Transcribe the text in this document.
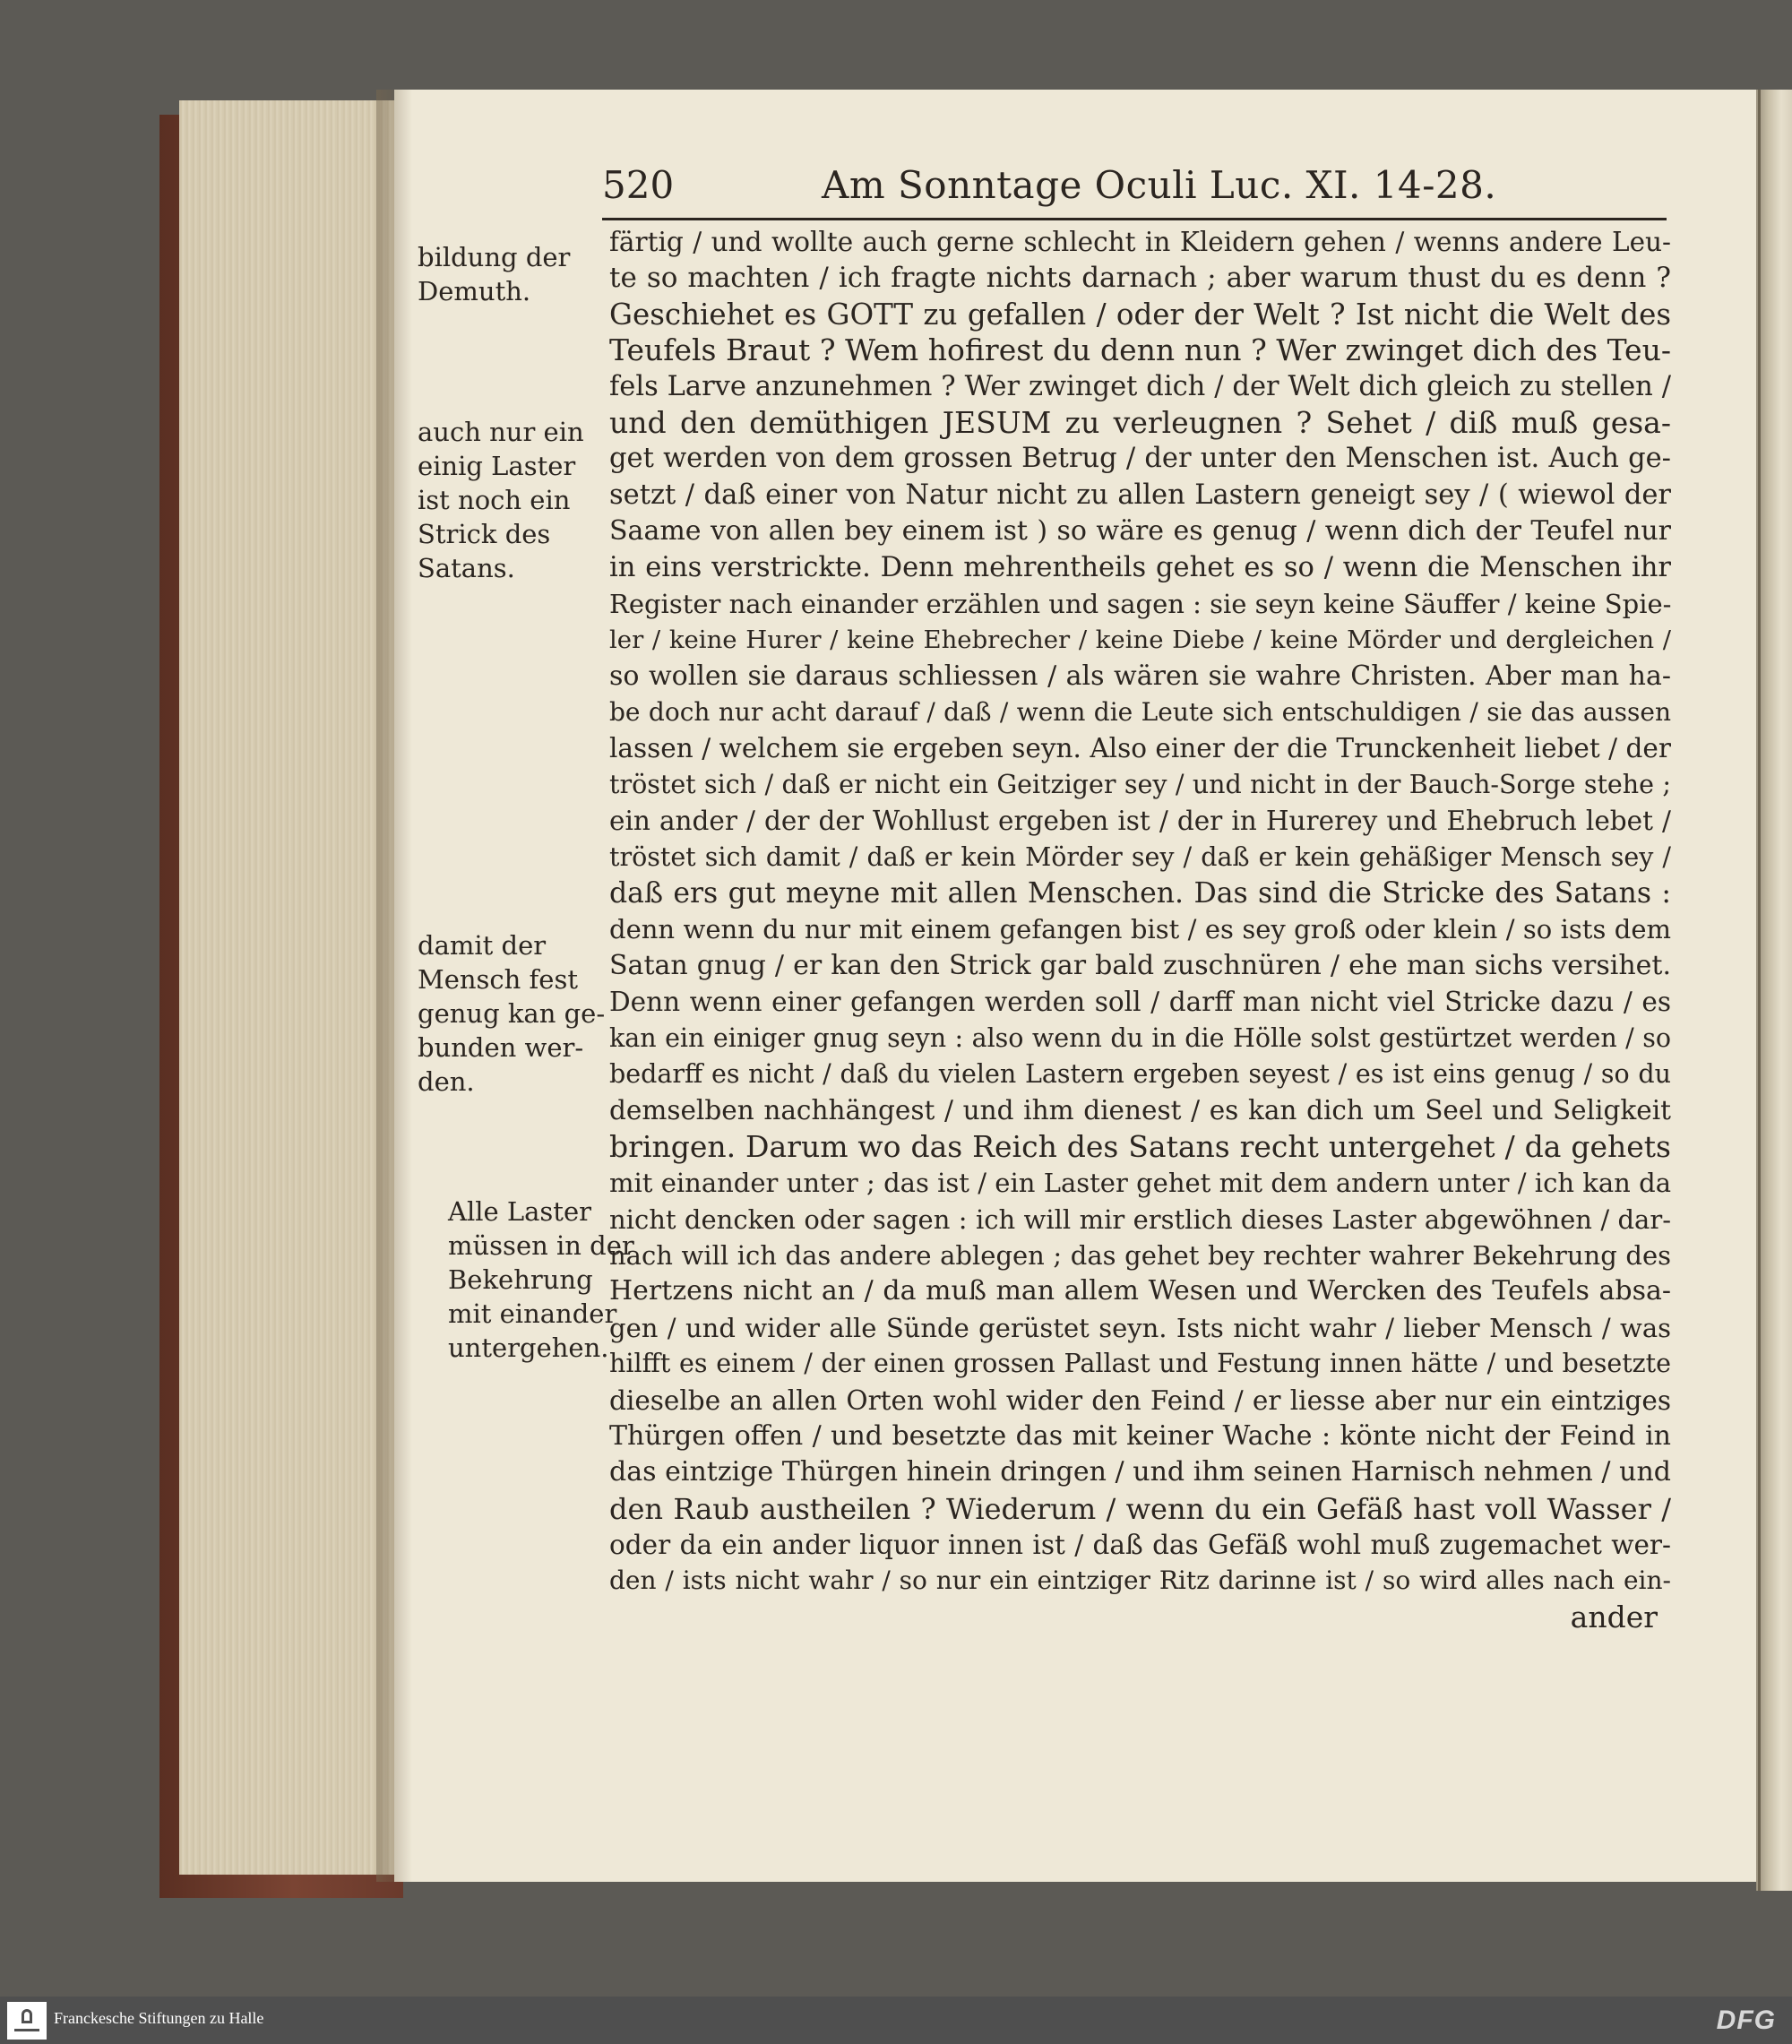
520	Am Sonntage Oculi Luc. XI. 14-28.
bildung der
Demuth.
auch nur ein
einig Laster
ist noch ein
Strick des
Satans.
damit der
Mensch fest
genug kan ge-
bunden wer-
den.
Alle Laster
müssen in der
Bekehrung
mit einander
untergehen.
färtig / und wollte auch gerne schlecht in Kleidern gehen / wenns andere Leu-
te so machten / ich fragte nichts darnach ; aber warum thust du es denn ?
Geschiehet es GOTT zu gefallen / oder der Welt ? Ist nicht die Welt des
Teufels Braut ? Wem hofirest du denn nun ? Wer zwinget dich des Teu-
fels Larve anzunehmen ? Wer zwinget dich / der Welt dich gleich zu stellen /
und den demüthigen JESUM zu verleugnen ? Sehet / diß muß gesa-
get werden von dem grossen Betrug / der unter den Menschen ist. Auch ge-
setzt / daß einer von Natur nicht zu allen Lastern geneigt sey / ( wiewol der
Saame von allen bey einem ist ) so wäre es genug / wenn dich der Teufel nur
in eins verstrickte. Denn mehrentheils gehet es so / wenn die Menschen ihr
Register nach einander erzählen und sagen : sie seyn keine Säuffer / keine Spie-
ler / keine Hurer / keine Ehebrecher / keine Diebe / keine Mörder und dergleichen /
so wollen sie daraus schliessen / als wären sie wahre Christen. Aber man ha-
be doch nur acht darauf / daß / wenn die Leute sich entschuldigen / sie das aussen
lassen / welchem sie ergeben seyn. Also einer der die Trunckenheit liebet / der
tröstet sich / daß er nicht ein Geitziger sey / und nicht in der Bauch-Sorge stehe ;
ein ander / der der Wohllust ergeben ist / der in Hurerey und Ehebruch lebet /
tröstet sich damit / daß er kein Mörder sey / daß er kein gehäßiger Mensch sey /
daß ers gut meyne mit allen Menschen. Das sind die Stricke des Satans :
denn wenn du nur mit einem gefangen bist / es sey groß oder klein / so ists dem
Satan gnug / er kan den Strick gar bald zuschnüren / ehe man sichs versihet.
Denn wenn einer gefangen werden soll / darff man nicht viel Stricke dazu / es
kan ein einiger gnug seyn : also wenn du in die Hölle solst gestürtzet werden / so
bedarff es nicht / daß du vielen Lastern ergeben seyest / es ist eins genug / so du
demselben nachhängest / und ihm dienest / es kan dich um Seel und Seligkeit
bringen. Darum wo das Reich des Satans recht untergehet / da gehets
mit einander unter ; das ist / ein Laster gehet mit dem andern unter / ich kan da
nicht dencken oder sagen : ich will mir erstlich dieses Laster abgewöhnen / dar-
nach will ich das andere ablegen ; das gehet bey rechter wahrer Bekehrung des
Hertzens nicht an / da muß man allem Wesen und Wercken des Teufels absa-
gen / und wider alle Sünde gerüstet seyn. Ists nicht wahr / lieber Mensch / was
hilfft es einem / der einen grossen Pallast und Festung innen hätte / und besetzte
dieselbe an allen Orten wohl wider den Feind / er liesse aber nur ein eintziges
Thürgen offen / und besetzte das mit keiner Wache : könte nicht der Feind in
das eintzige Thürgen hinein dringen / und ihm seinen Harnisch nehmen / und
den Raub austheilen ? Wiederum / wenn du ein Gefäß hast voll Wasser /
oder da ein ander liquor innen ist / daß das Gefäß wohl muß zugemachet wer-
den / ists nicht wahr / so nur ein eintziger Ritz darinne ist / so wird alles nach ein-
ander
Franckesche Stiftungen zu Halle	DFG
